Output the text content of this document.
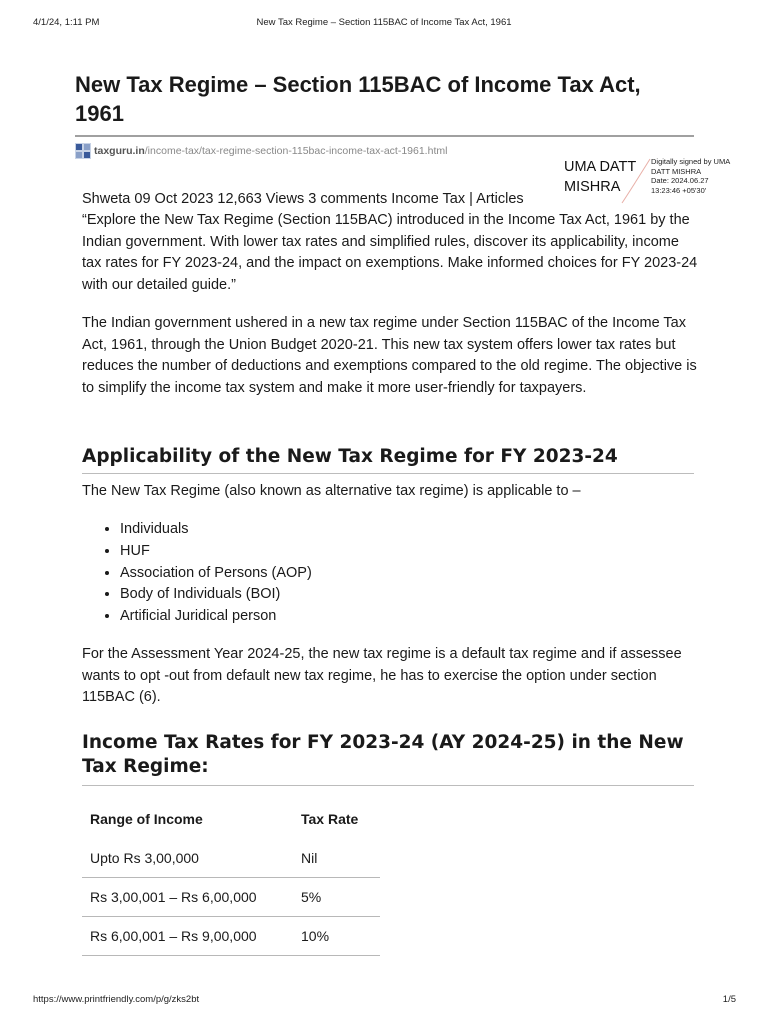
4/1/24, 1:11 PM	New Tax Regime – Section 115BAC of Income Tax Act, 1961
New Tax Regime – Section 115BAC of Income Tax Act, 1961
taxguru.in /income-tax/tax-regime-section-115bac-income-tax-act-1961.html
UMA DATT MISHRA
Digitally signed by UMA
DATT MISHRA
Date: 2024.06.27
13:23:46 +05'30'

Shweta 09 Oct 2023 12,663 Views 3 comments Income Tax | Articles

“Explore the New Tax Regime (Section 115BAC) introduced in the Income Tax Act, 1961 by the Indian government. With lower tax rates and simplified rules, discover its applicability, income tax rates for FY 2023-24, and the impact on exemptions. Make informed choices for FY 2023-24 with our detailed guide.”

The Indian government ushered in a new tax regime under Section 115BAC of the Income Tax Act, 1961, through the Union Budget 2020-21. This new tax system offers lower tax rates but reduces the number of deductions and exemptions compared to the old regime. The objective is to simplify the income tax system and make it more user-friendly for taxpayers.

Applicability of the New Tax Regime for FY 2023-24

The New Tax Regime (also known as alternative tax regime) is applicable to –

• Individuals
• HUF
• Association of Persons (AOP)
• Body of Individuals (BOI)
• Artificial Juridical person

For the Assessment Year 2024-25, the new tax regime is a default tax regime and if assessee wants to opt -out from default new tax regime, he has to exercise the option under section 115BAC (6).

Income Tax Rates for FY 2023-24 (AY 2024-25) in the New Tax Regime:
Range of Income	Tax Rate
Upto Rs 3,00,000	Nil
Rs 3,00,001 – Rs 6,00,000	5%
Rs 6,00,001 – Rs 9,00,000	10%
https://www.printfriendly.com/p/g/zks2bt	1/5
